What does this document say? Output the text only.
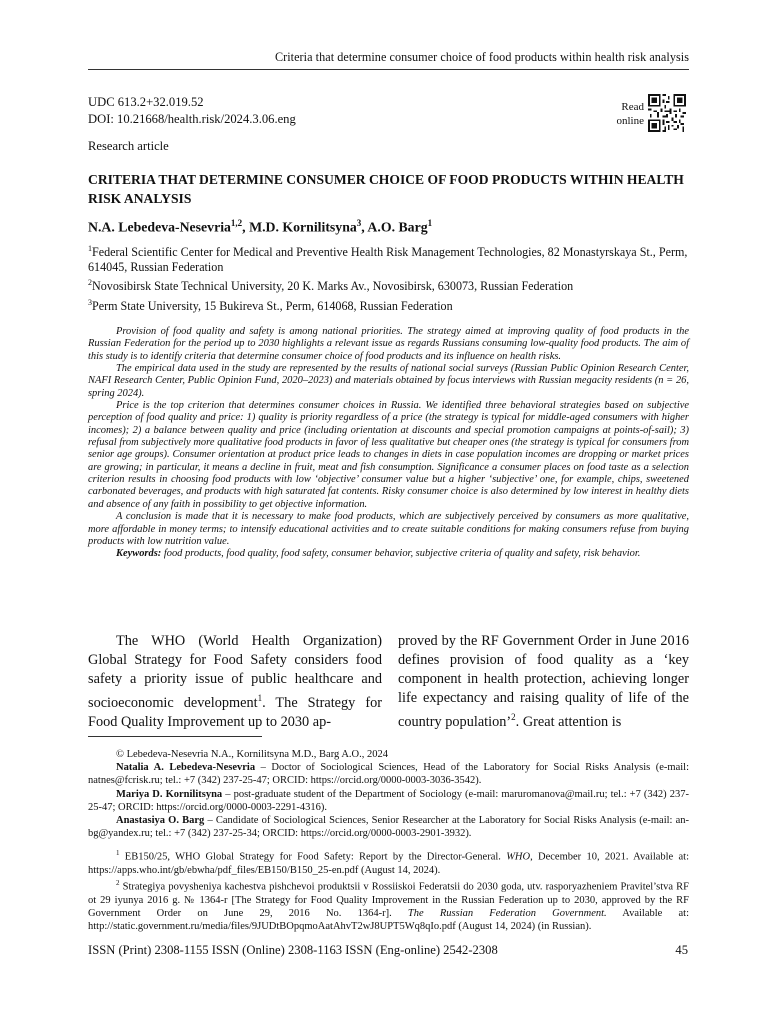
Criteria that determine consumer choice of food products within health risk analysis
UDC 613.2+32.019.52
DOI: 10.21668/health.risk/2024.3.06.eng
Read online
Research article
CRITERIA THAT DETERMINE CONSUMER CHOICE OF FOOD PRODUCTS WITHIN HEALTH RISK ANALYSIS
N.A. Lebedeva-Nesevria$^{1,2}$, M.D. Kornilitsyna$^3$, A.O. Barg$^1$
$^1$Federal Scientific Center for Medical and Preventive Health Risk Management Technologies, 82 Monastyrskaya St., Perm, 614045, Russian Federation
$^2$Novosibirsk State Technical University, 20 K. Marks Av., Novosibirsk, 630073, Russian Federation
$^3$Perm State University, 15 Bukireva St., Perm, 614068, Russian Federation

Provision of food quality and safety is among national priorities. The strategy aimed at improving quality of food products in the Russian Federation for the period up to 2030 highlights a relevant issue as regards Russians consuming low-quality food products. The aim of this study is to identify criteria that determine consumer choice of food products and its influence on health risks.

The empirical data used in the study are represented by the results of national social surveys (Russian Public Opinion Research Center, NAFI Research Center, Public Opinion Fund, 2020–2023) and materials obtained by focus interviews with Russian megacity residents (n = 26, spring 2024).

Price is the top criterion that determines consumer choices in Russia. We identified three behavioral strategies based on subjective perception of food quality and price: 1) quality is priority regardless of a price (the strategy is typical for middle-aged consumers with higher incomes); 2) a balance between quality and price (including orientation at discounts and special promotion campaigns at points-of-sail); 3) refusal from subjectively more qualitative food products in favor of less qualitative but cheaper ones (the strategy is typical for consumers from senior age groups). Consumer orientation at product price leads to changes in diets in case population incomes are dropping or market prices are growing; in particular, it means a decline in fruit, meat and fish consumption. Significance a consumer places on food taste as a selection criterion results in choosing food products with low ‘objective’ consumer value but a higher ‘subjective’ one, for example, chips, sweetened carbonated beverages, and products with high saturated fat contents. Risky consumer choice is also determined by low interest in healthy diets and absence of any faith in possibility to get objective information.

A conclusion is made that it is necessary to make food products, which are subjectively perceived by consumers as more qualitative, more affordable in money terms; to intensify educational activities and to create suitable conditions for making consumers refuse from buying products with low nutrition value.

Keywords: food products, food quality, food safety, consumer behavior, subjective criteria of quality and safety, risk behavior.

The WHO (World Health Organization) Global Strategy for Food Safety considers food safety a priority issue of public healthcare and socioeconomic development$^1$. The Strategy for Food Quality Improvement up to 2030 ap-
proved by the RF Government Order in June 2016 defines provision of food quality as a ‘key component in health protection, achieving longer life expectancy and raising quality of life of the country population’$^2$. Great attention is

© Lebedeva-Nesevria N.A., Kornilitsyna M.D., Barg A.O., 2024

Natalia A. Lebedeva-Nesevria – Doctor of Sociological Sciences, Head of the Laboratory for Social Risks Analysis (e-mail: natnes@fcrisk.ru; tel.: +7 (342) 237-25-47; ORCID: https://orcid.org/0000-0003-3036-3542).

Mariya D. Kornilitsyna – post-graduate student of the Department of Sociology (e-mail: maruromanova@mail.ru; tel.: +7 (342) 237-25-47; ORCID: https://orcid.org/0000-0003-2291-4316).

Anastasiya O. Barg – Candidate of Sociological Sciences, Senior Researcher at the Laboratory for Social Risks Analysis (e-mail: an-bg@yandex.ru; tel.: +7 (342) 237-25-34; ORCID: https://orcid.org/0000-0003-2901-3932).

$^1$ EB150/25, WHO Global Strategy for Food Safety: Report by the Director-General. WHO, December 10, 2021. Available at: https://apps.who.int/gb/ebwha/pdf_files/EB150/B150_25-en.pdf (August 14, 2024).

$^2$ Strategiya povysheniya kachestva pishchevoi produktsii v Rossiiskoi Federatsii do 2030 goda, utv. rasporyazheniem Pravitel’stva RF ot 29 iyunya 2016 g. № 1364-r [The Strategy for Food Quality Improvement in the Russian Federation up to 2030, approved by the RF Government Order on June 29, 2016 No. 1364-r]. The Russian Federation Government. Available at: http://static.government.ru/media/files/9JUDtBOpqmoAatAhvT2wJ8UPT5Wq8qIo.pdf (August 14, 2024) (in Russian).

ISSN (Print) 2308-1155 ISSN (Online) 2308-1163 ISSN (Eng-online) 2542-2308	45
